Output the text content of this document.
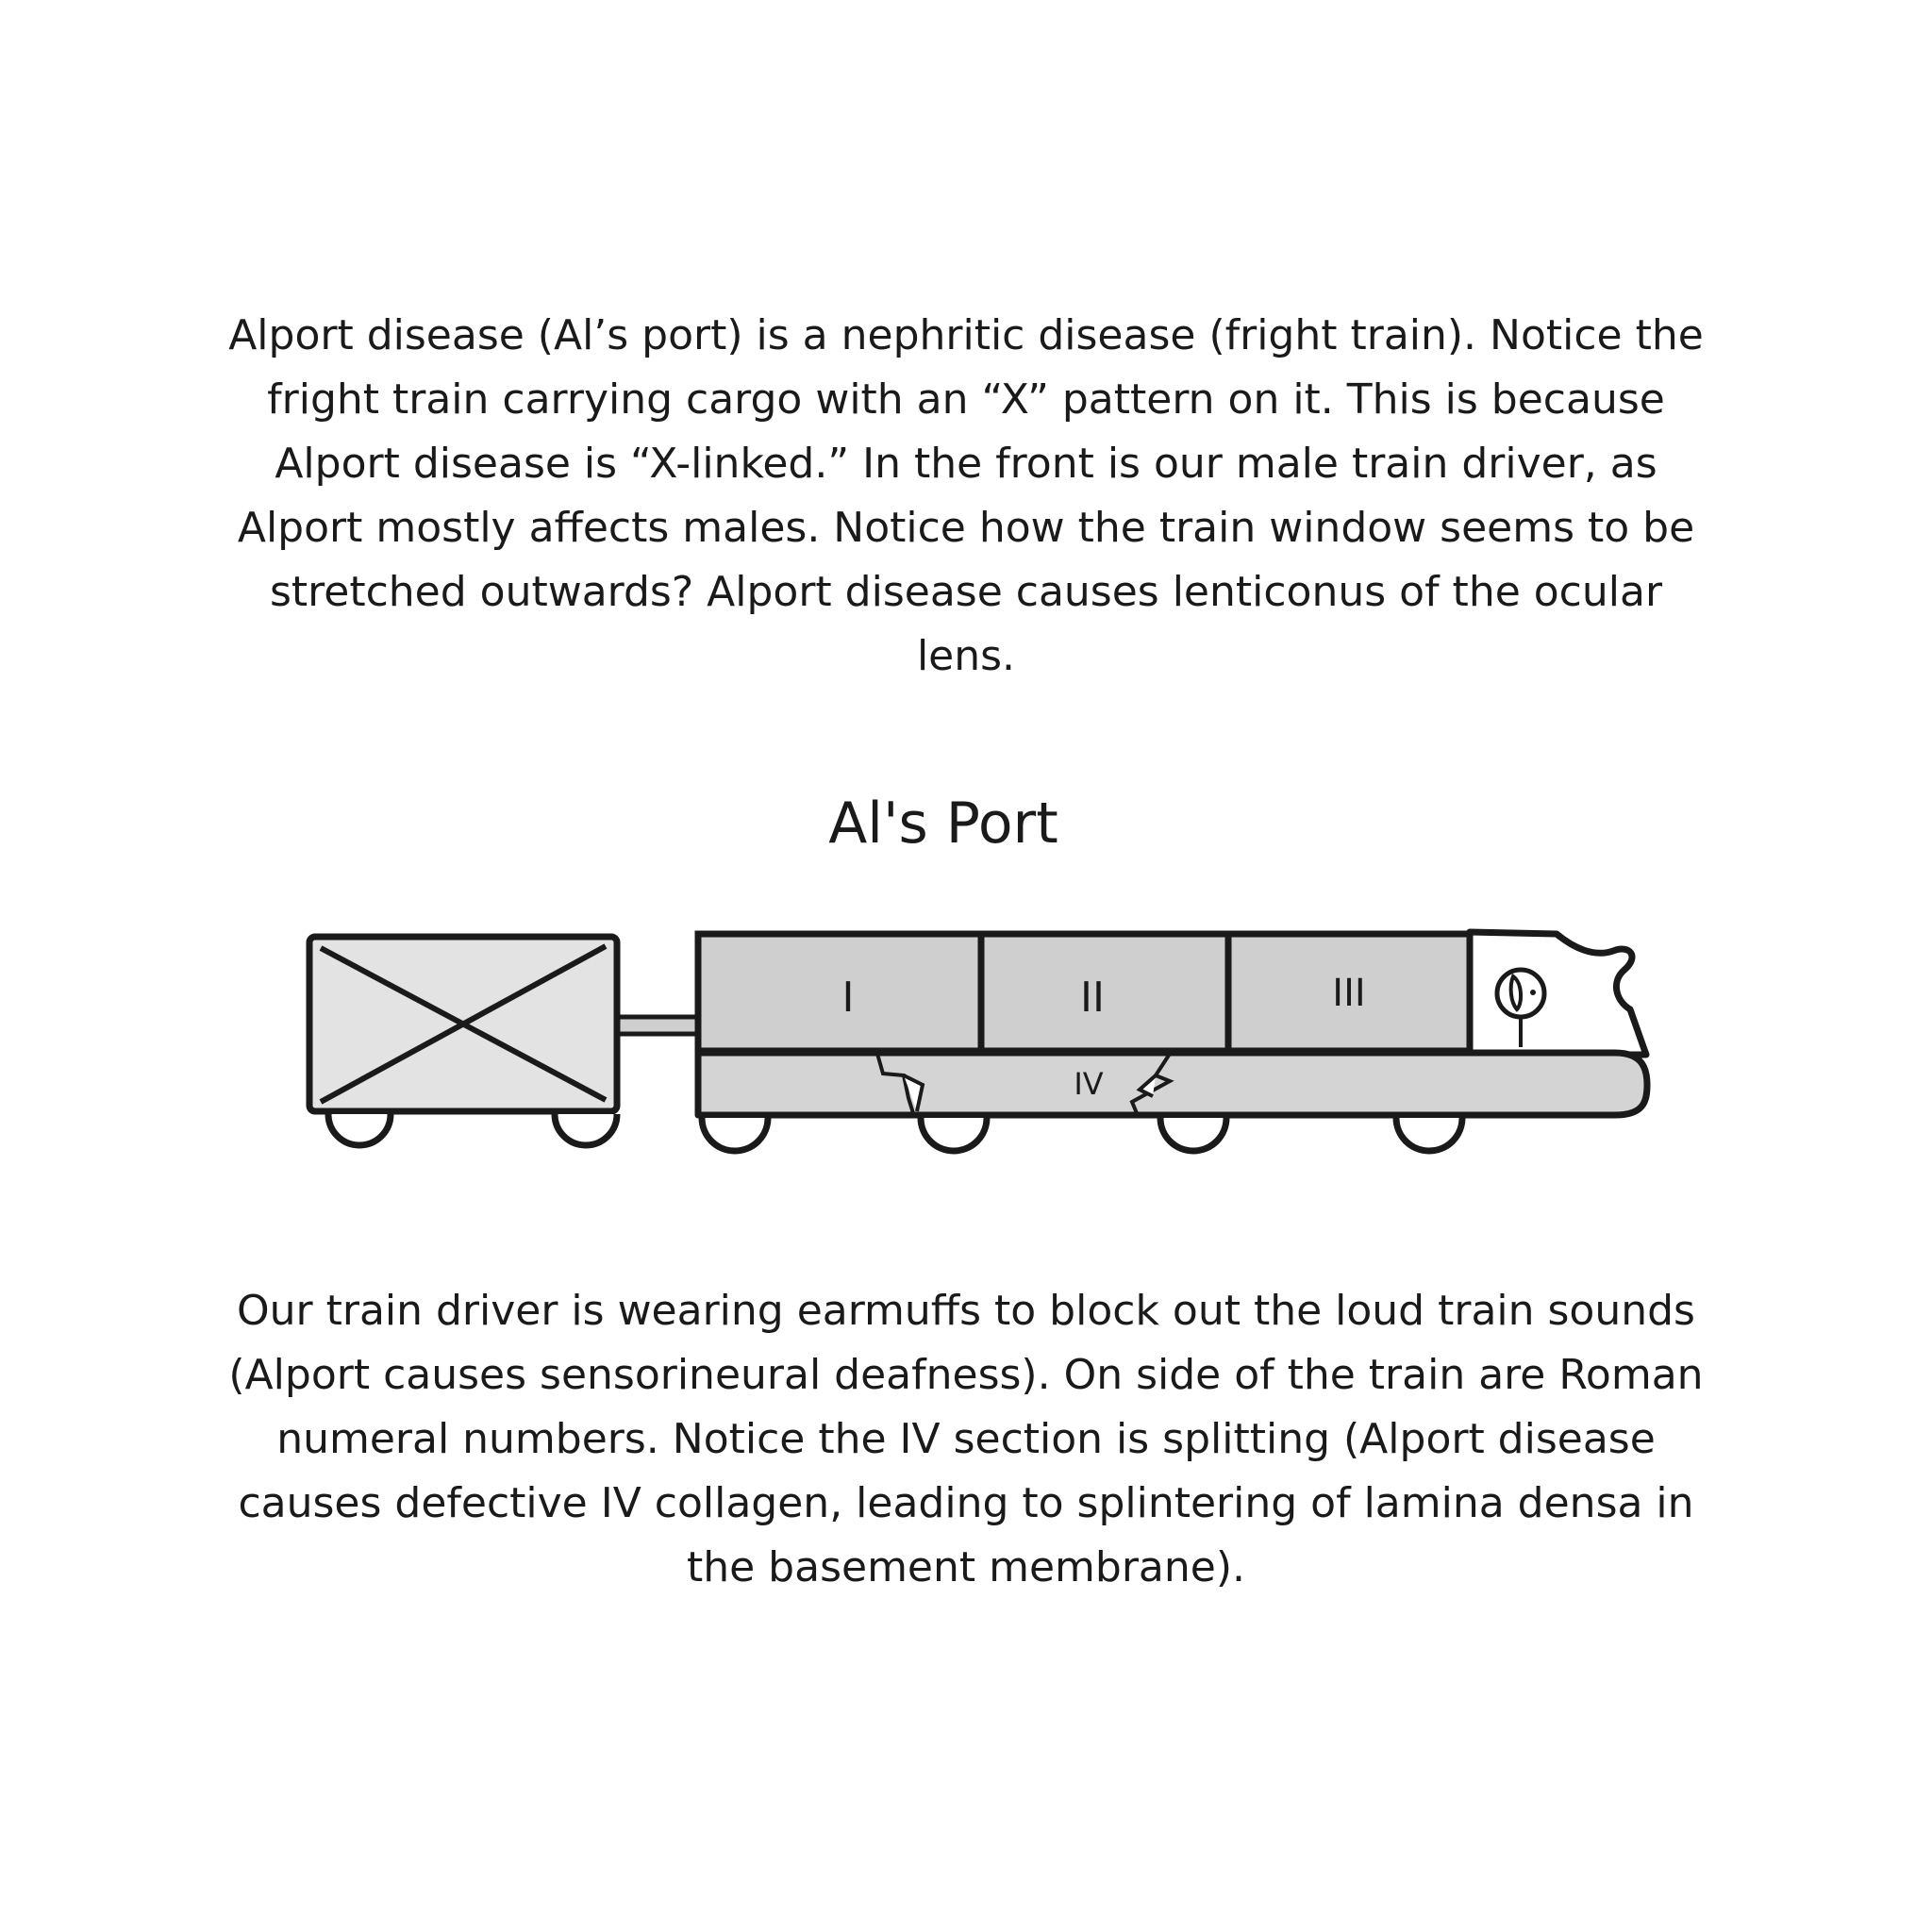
Alport disease (Al’s port) is a nephritic disease (fright train). Notice the fright train carrying cargo with an “X” pattern on it. This is because Alport disease is “X-linked.” In the front is our male train driver, as Alport mostly affects males. Notice how the train window seems to be stretched outwards? Alport disease causes lenticonus of the ocular lens.

Al's Port
I	II	III
IV

Our train driver is wearing earmuffs to block out the loud train sounds (Alport causes sensorineural deafness). On side of the train are Roman numeral numbers. Notice the IV section is splitting (Alport disease causes defective IV collagen, leading to splintering of lamina densa in the basement membrane).
